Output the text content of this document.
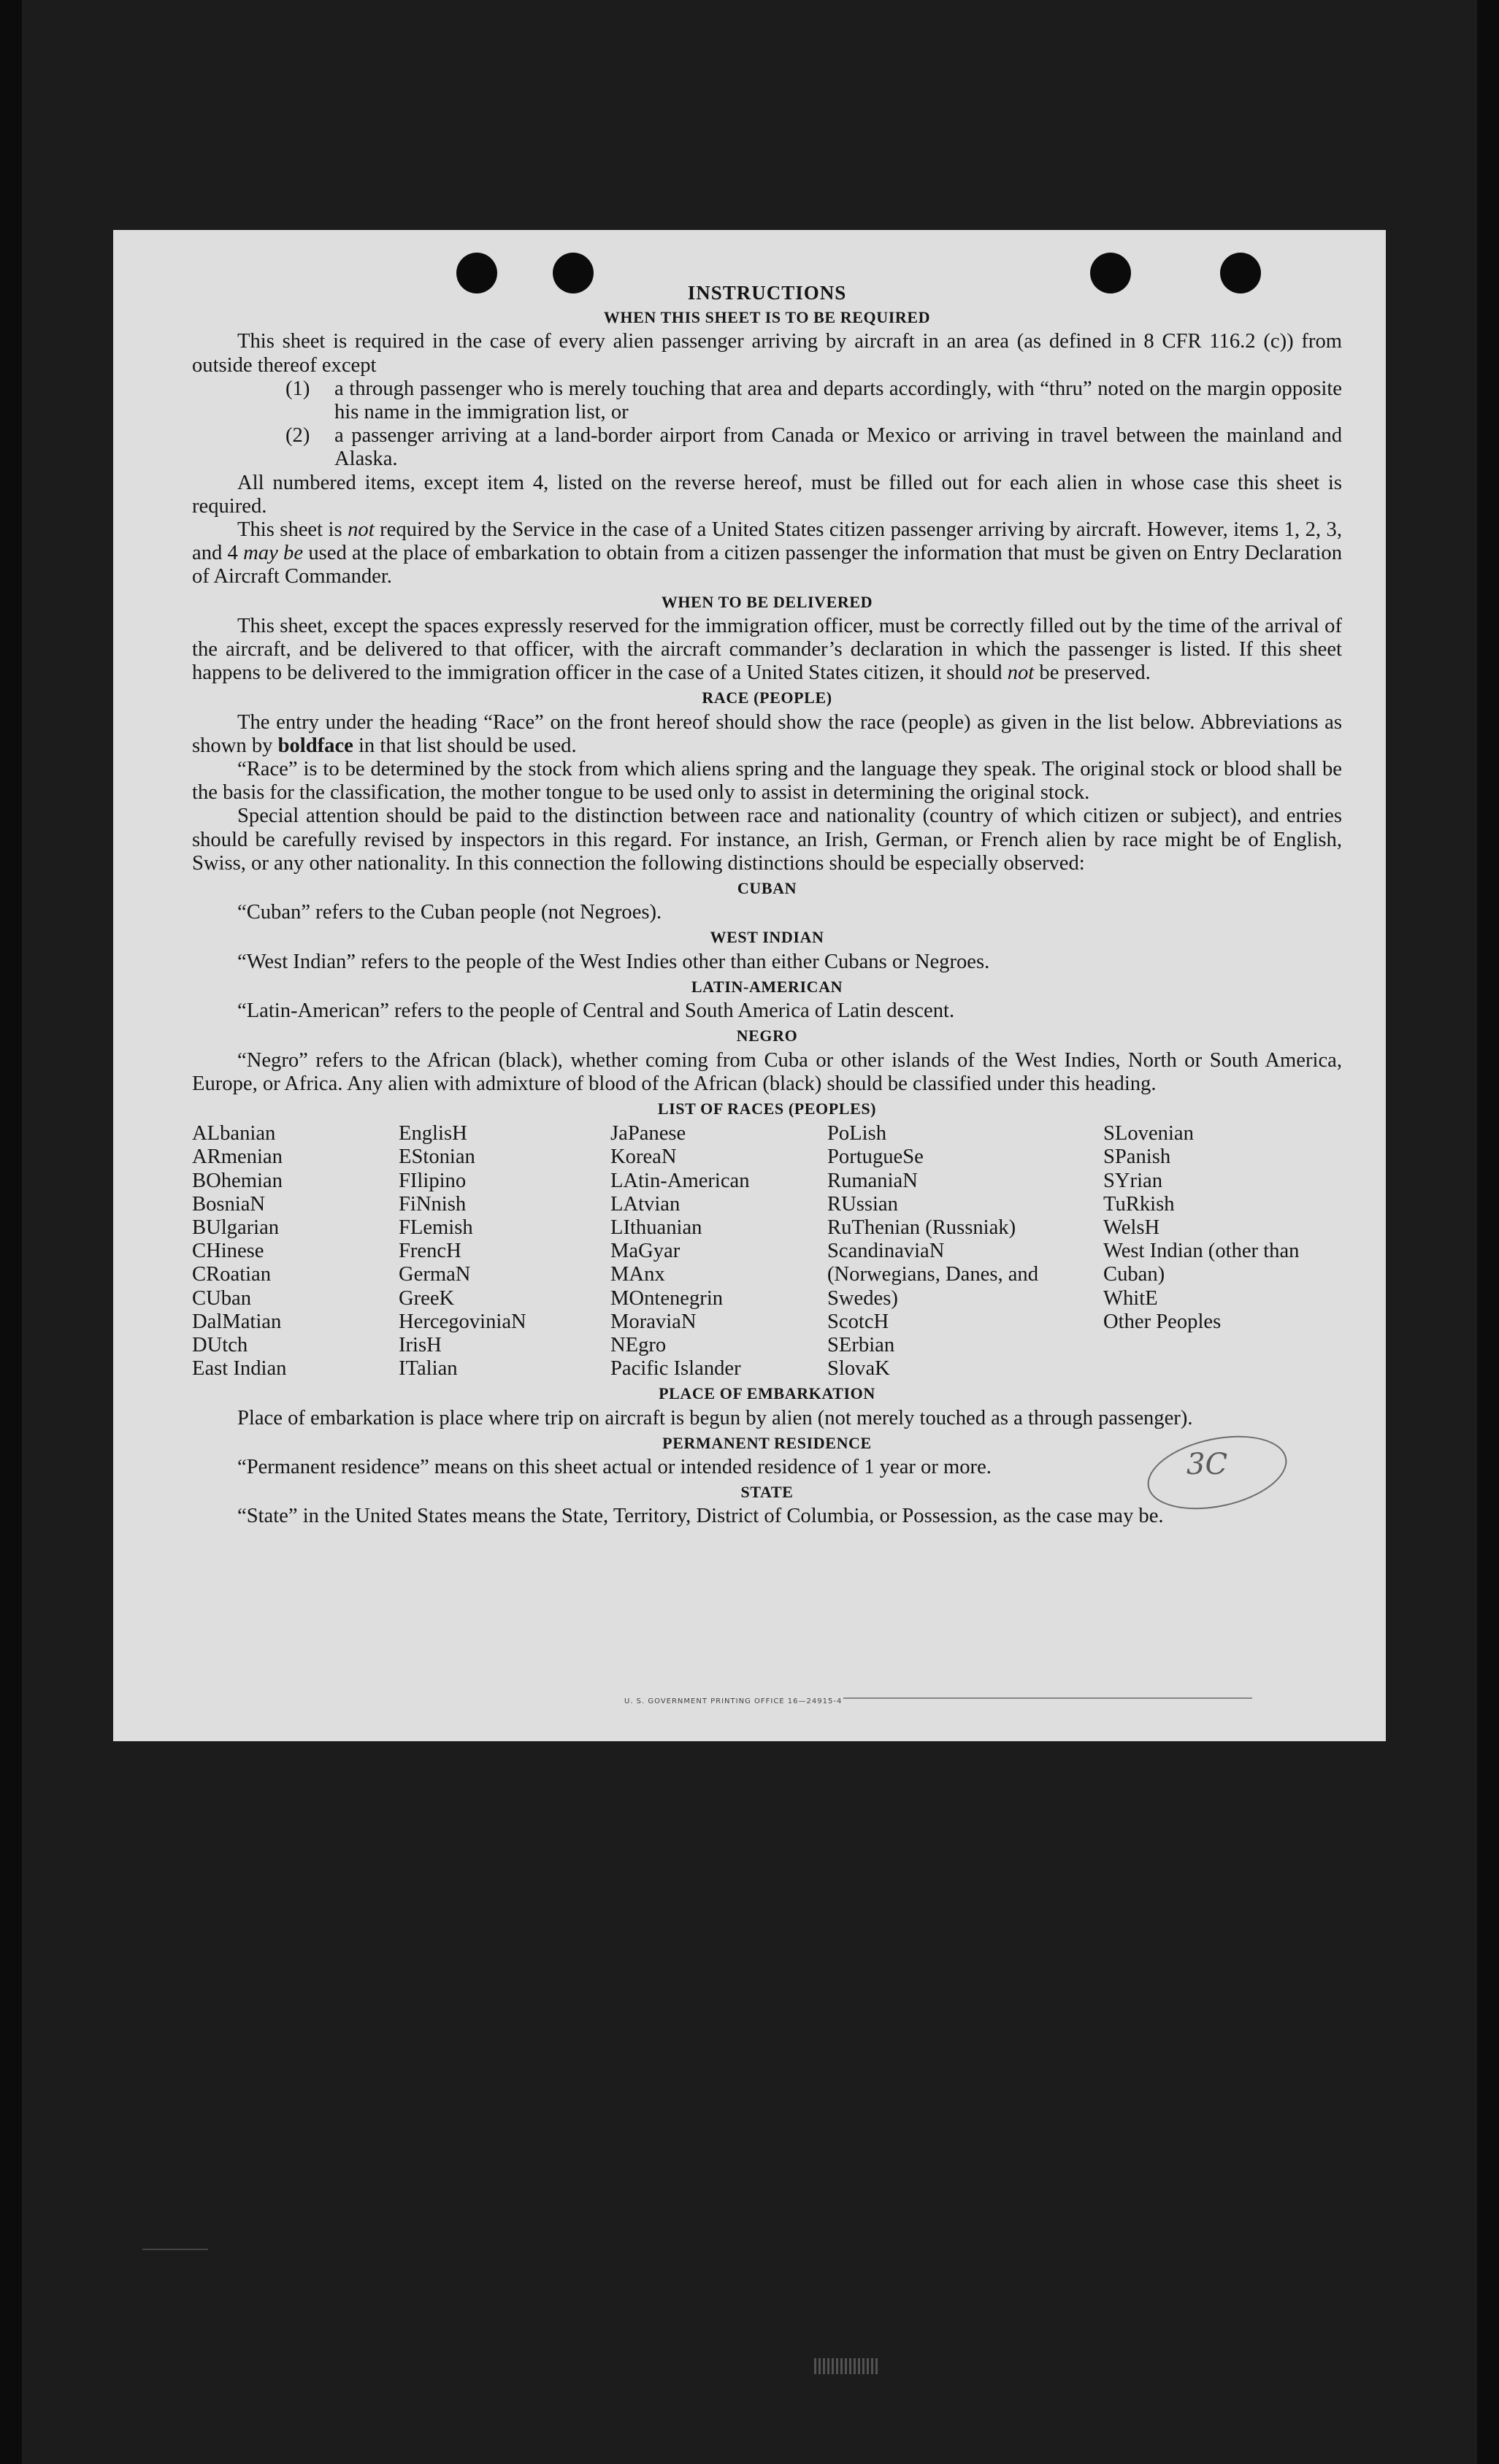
INSTRUCTIONS
WHEN THIS SHEET IS TO BE REQUIRED

This sheet is required in the case of every alien passenger arriving by aircraft in an area (as defined in 8 CFR 116.2 (c)) from outside thereof except

(1) a through passenger who is merely touching that area and departs accordingly, with “thru” noted on the margin opposite his name in the immigration list, or
(2) a passenger arriving at a land-border airport from Canada or Mexico or arriving in travel between the mainland and Alaska.

All numbered items, except item 4, listed on the reverse hereof, must be filled out for each alien in whose case this sheet is required.

This sheet is not required by the Service in the case of a United States citizen passenger arriving by aircraft. However, items 1, 2, 3, and 4 may be used at the place of embarkation to obtain from a citizen passenger the information that must be given on Entry Declaration of Aircraft Commander.

WHEN TO BE DELIVERED

This sheet, except the spaces expressly reserved for the immigration officer, must be correctly filled out by the time of the arrival of the aircraft, and be delivered to that officer, with the aircraft commander’s declaration in which the passenger is listed. If this sheet happens to be delivered to the immigration officer in the case of a United States citizen, it should not be preserved.

RACE (PEOPLE)

The entry under the heading “Race” on the front hereof should show the race (people) as given in the list below. Abbreviations as shown by boldface in that list should be used.

“Race” is to be determined by the stock from which aliens spring and the language they speak. The original stock or blood shall be the basis for the classification, the mother tongue to be used only to assist in determining the original stock.

Special attention should be paid to the distinction between race and nationality (country of which citizen or subject), and entries should be carefully revised by inspectors in this regard. For instance, an Irish, German, or French alien by race might be of English, Swiss, or any other nationality. In this connection the following distinctions should be especially observed:

CUBAN

“Cuban” refers to the Cuban people (not Negroes).

WEST INDIAN

“West Indian” refers to the people of the West Indies other than either Cubans or Negroes.

LATIN-AMERICAN

“Latin-American” refers to the people of Central and South America of Latin descent.

NEGRO

“Negro” refers to the African (black), whether coming from Cuba or other islands of the West Indies, North or South America, Europe, or Africa. Any alien with admixture of blood of the African (black) should be classified under this heading.

LIST OF RACES (PEOPLES)
ALbanian
ARmenian
BOhemian
BosniaN
BUlgarian
CHinese
CRoatian
CUban
DalMatian
DUtch
East Indian
EnglisH
EStonian
FIlipino
FiNnish
FLemish
FrencH
GermaN
GreeK
HercegoviniaN
IrisH
ITalian
JaPanese
KoreaN
LAtin-American
LAtvian
LIthuanian
MaGyar
MAnx
MOntenegrin
MoraviaN
NEgro
Pacific Islander
PoLish
PortugueSe
RumaniaN
RUssian
RuThenian (Russniak)
ScandinaviaN (Norwegians, Danes, and Swedes)
ScotcH
SErbian
SlovaK
SLovenian
SPanish
SYrian
TuRkish
WelsH
West Indian (other than Cuban)
WhitE
Other Peoples
PLACE OF EMBARKATION

Place of embarkation is place where trip on aircraft is begun by alien (not merely touched as a through passenger).

PERMANENT RESIDENCE

“Permanent residence” means on this sheet actual or intended residence of 1 year or more.

STATE

“State” in the United States means the State, Territory, District of Columbia, or Possession, as the case may be.

3C
U. S. GOVERNMENT PRINTING OFFICE 16—24915-4
